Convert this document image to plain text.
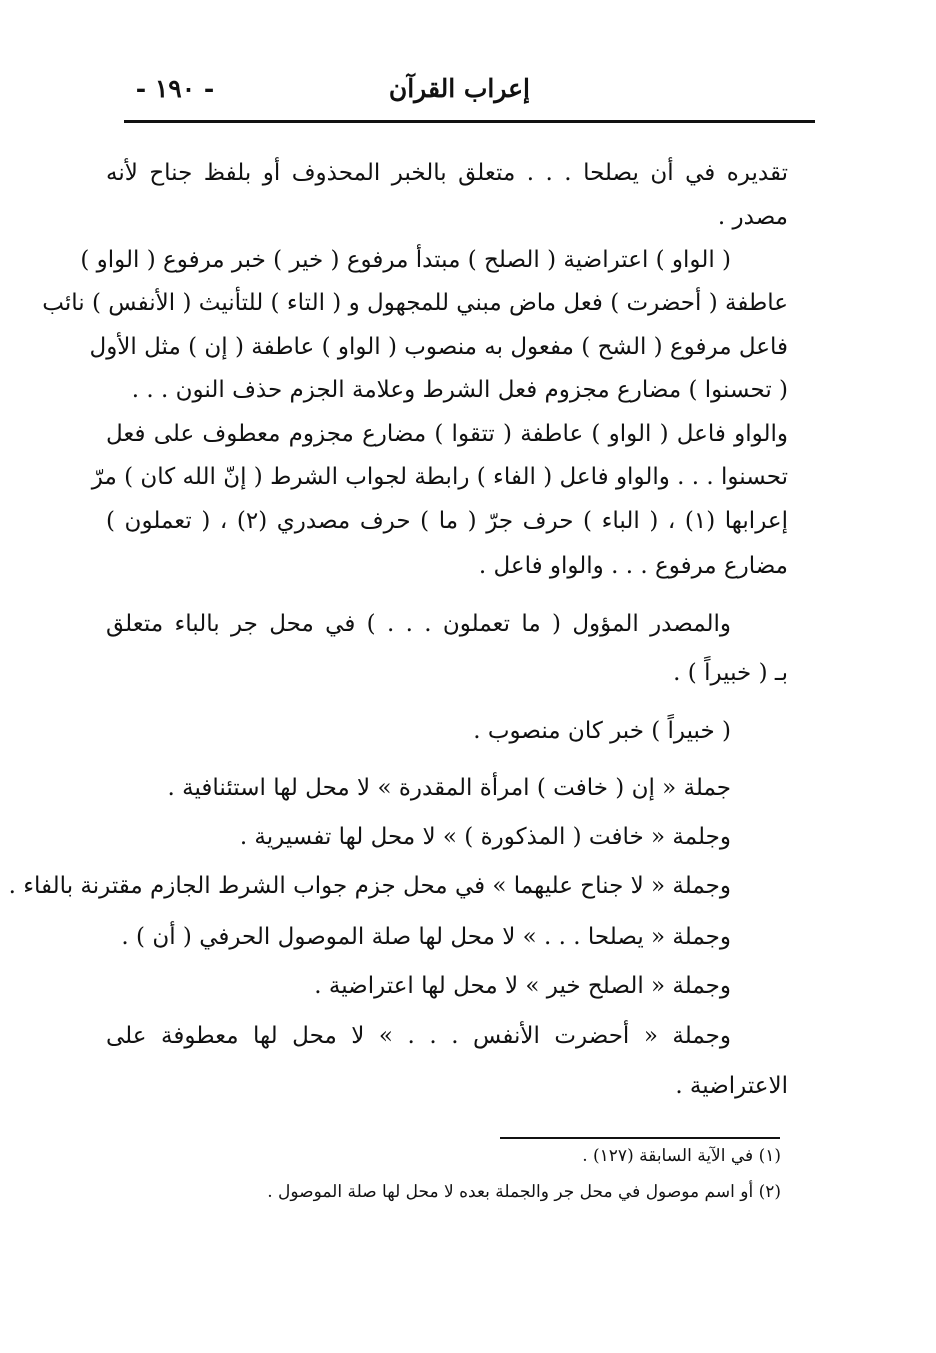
إعراب القرآن
- ١٩٠ -
تقديره في أن يصلحا . . . متعلق بالخبر المحذوف أو بلفظ جناح لأنه
مصدر .
( الواو ) اعتراضية ( الصلح ) مبتدأ مرفوع ( خير ) خبر مرفوع ( الواو )
عاطفة ( أحضرت ) فعل ماض مبني للمجهول و ( التاء ) للتأنيث ( الأنفس ) نائب
فاعل مرفوع ( الشح ) مفعول به منصوب ( الواو ) عاطفة ( إن ) مثل الأول
( تحسنوا ) مضارع مجزوم فعل الشرط وعلامة الجزم حذف النون . . .
والواو فاعل ( الواو ) عاطفة ( تتقوا ) مضارع مجزوم معطوف على فعل
تحسنوا . . . والواو فاعل ( الفاء ) رابطة لجواب الشرط ( إنّ الله كان ) مرّ
إعرابها (١) ، ( الباء ) حرف جرّ ( ما ) حرف مصدري (٢) ، ( تعملون )
مضارع مرفوع . . . والواو فاعل .
والمصدر المؤول ( ما تعملون . . . ) في محل جر بالباء متعلق
بـ ( خبيراً ) .
( خبيراً ) خبر كان منصوب .
جملة « إن ( خافت ) امرأة المقدرة » لا محل لها استئنافية .
وجلمة « خافت ( المذكورة ) » لا محل لها تفسيرية .
وجملة « لا جناح عليهما » في محل جزم جواب الشرط الجازم مقترنة بالفاء .
وجملة « يصلحا . . . » لا محل لها صلة الموصول الحرفي ( أن ) .
وجملة « الصلح خير » لا محل لها اعتراضية .
وجملة « أحضرت الأنفس . . . » لا محل لها معطوفة على
الاعتراضية .
(١) في الآية السابقة (١٢٧) .
(٢) أو اسم موصول في محل جر والجملة بعده لا محل لها صلة الموصول .
